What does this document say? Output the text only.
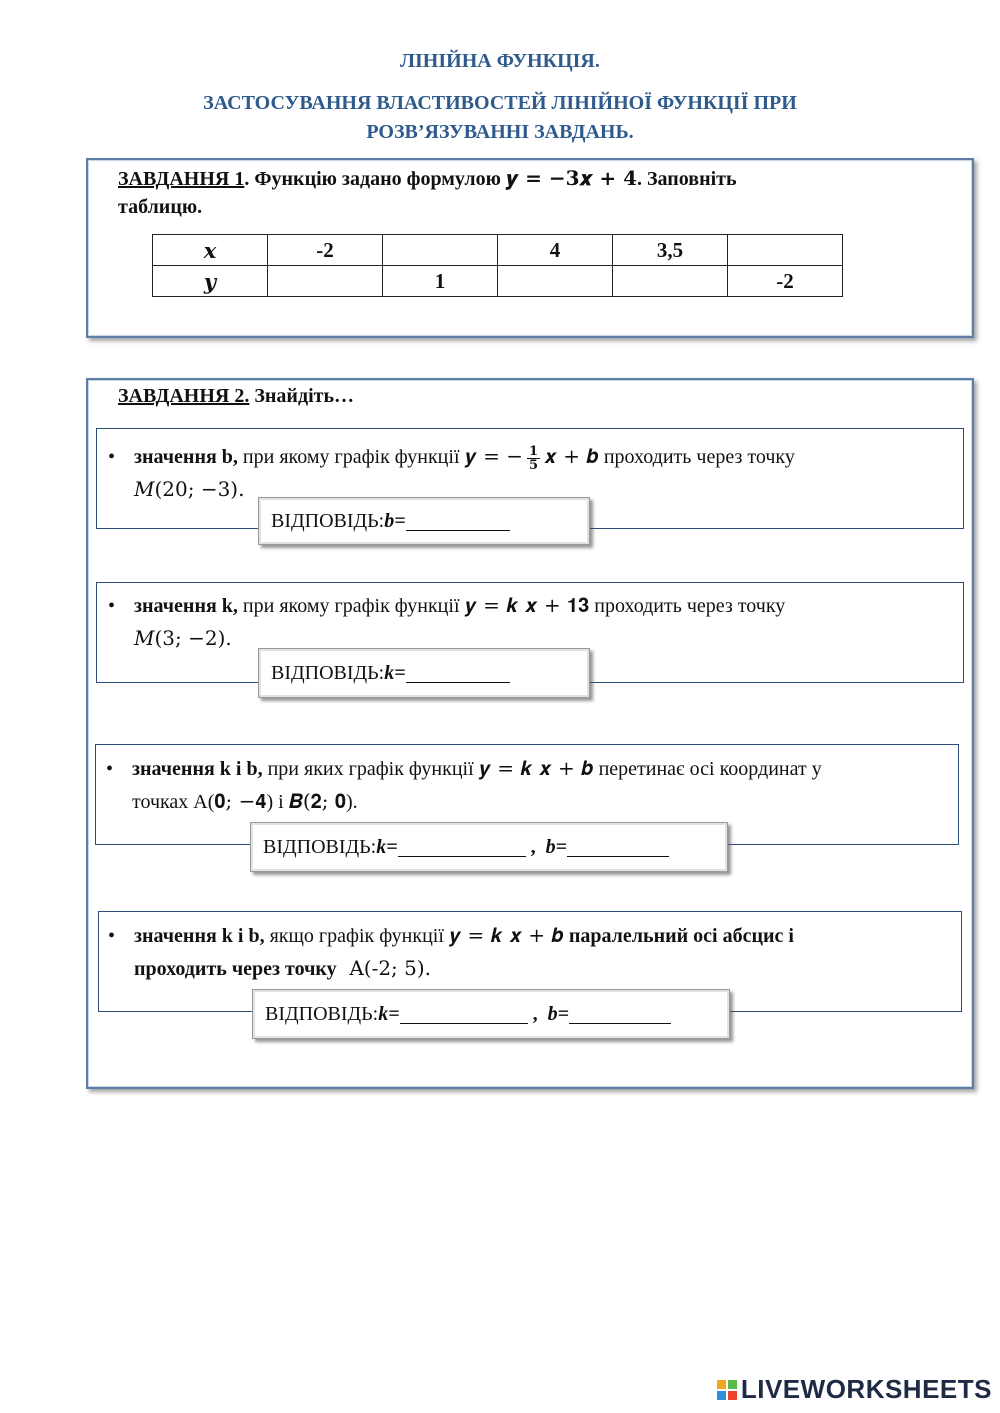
ЛІНІЙНА ФУНКЦІЯ.
ЗАСТОСУВАННЯ ВЛАСТИВОСТЕЙ ЛІНІЙНОЇ ФУНКЦІЇ ПРИ
РОЗВ’ЯЗУВАННІ ЗАВДАНЬ.
ЗАВДАННЯ 1. Функцію задано формулою 𝒚 = −𝟑𝒙 + 𝟒. Заповніть
таблицю.
x	-2		4	3,5	
y		1			-2
ЗАВДАННЯ 2. Знайдіть…
• значення b, при якому графік функції 𝒚 = − $\frac{1}{5}$ 𝒙 + 𝒃 проходить через точку
𝑀(20; −3).
ВІДПОВІДЬ: b=
• значення k, при якому графік функції 𝒚 = 𝒌 𝒙 + 𝟏𝟑 проходить через точку
𝑀(3; −2).
ВІДПОВІДЬ: k=
• значення k і b, при яких графік функції 𝒚 = 𝒌 𝒙 + 𝒃 перетинає осі координат у
точках A(𝟎; −𝟒) і 𝑩(𝟐; 𝟎).
ВІДПОВІДЬ: k=	, b=
• значення k і b, якщо графік функції 𝒚 = 𝒌 𝒙 + 𝒃 паралельний осі абсцис і
проходить через точку  A(-2; 5).
ВІДПОВІДЬ: k=	, b=
LIVEWORKSHEETS
